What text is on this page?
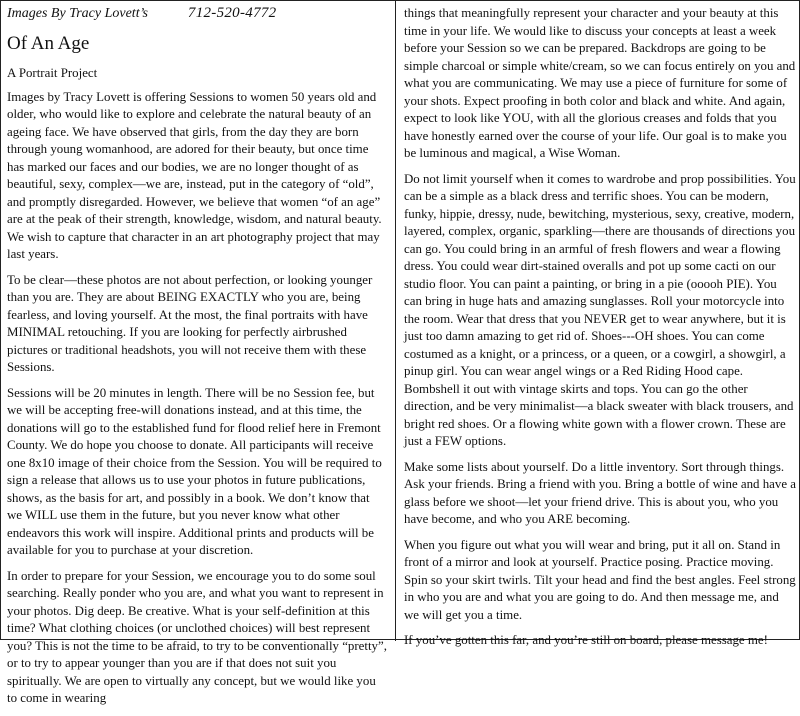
Images By Tracy Lovett’s	712-520-4772
Of An Age
A Portrait Project

Images by Tracy Lovett is offering Sessions to women 50 years old and older, who would like to explore and celebrate the natural beauty of an ageing face. We have observed that girls, from the day they are born through young womanhood, are adored for their beauty, but once time has marked our faces and our bodies, we are no longer thought of as beautiful, sexy, complex—we are, instead, put in the category of “old”, and promptly disregarded. However, we believe that women “of an age” are at the peak of their strength, knowledge, wisdom, and natural beauty. We wish to capture that character in an art photography project that may last years.

To be clear—these photos are not about perfection, or looking younger than you are. They are about BEING EXACTLY who you are, being fearless, and loving yourself. At the most, the final portraits with have MINIMAL retouching. If you are looking for perfectly airbrushed pictures or traditional headshots, you will not receive them with these Sessions.

Sessions will be 20 minutes in length. There will be no Session fee, but we will be accepting free-will donations instead, and at this time, the donations will go to the established fund for flood relief here in Fremont County. We do hope you choose to donate. All participants will receive one 8x10 image of their choice from the Session. You will be required to sign a release that allows us to use your photos in future publications, shows, as the basis for art, and possibly in a book. We don’t know that we WILL use them in the future, but you never know what other endeavors this work will inspire. Additional prints and products will be available for you to purchase at your discretion.

In order to prepare for your Session, we encourage you to do some soul searching. Really ponder who you are, and what you want to represent in your photos. Dig deep. Be creative. What is your self-definition at this time? What clothing choices (or unclothed choices) will best represent you? This is not the time to be afraid, to try to be conventionally “pretty”, or to try to appear younger than you are if that does not suit you spiritually. We are open to virtually any concept, but we would like you to come in wearing

things that meaningfully represent your character and your beauty at this time in your life. We would like to discuss your concepts at least a week before your Session so we can be prepared. Backdrops are going to be simple charcoal or simple white/cream, so we can focus entirely on you and what you are communicating. We may use a piece of furniture for some of your shots. Expect proofing in both color and black and white. And again, expect to look like YOU, with all the glorious creases and folds that you have honestly earned over the course of your life. Our goal is to make you be luminous and magical, a Wise Woman.

Do not limit yourself when it comes to wardrobe and prop possibilities. You can be a simple as a black dress and terrific shoes. You can be modern, funky, hippie, dressy, nude, bewitching, mysterious, sexy, creative, modern, layered, complex, organic, sparkling—there are thousands of directions you can go. You could bring in an armful of fresh flowers and wear a flowing dress. You could wear dirt-stained overalls and pot up some cacti on our studio floor. You can paint a painting, or bring in a pie (ooooh PIE). You can bring in huge hats and amazing sunglasses. Roll your motorcycle into the room. Wear that dress that you NEVER get to wear anywhere, but it is just too damn amazing to get rid of. Shoes---OH shoes. You can come costumed as a knight, or a princess, or a queen, or a cowgirl, a showgirl, a pinup girl. You can wear angel wings or a Red Riding Hood cape. Bombshell it out with vintage skirts and tops. You can go the other direction, and be very minimalist—a black sweater with black trousers, and bright red shoes. Or a flowing white gown with a flower crown. These are just a FEW options.

Make some lists about yourself. Do a little inventory. Sort through things. Ask your friends. Bring a friend with you. Bring a bottle of wine and have a glass before we shoot—let your friend drive. This is about you, who you have become, and who you ARE becoming.

When you figure out what you will wear and bring, put it all on. Stand in front of a mirror and look at yourself. Practice posing. Practice moving. Spin so your skirt twirls. Tilt your head and find the best angles. Feel strong in who you are and what you are going to do. And then message me, and we will get you a time.

If you’ve gotten this far, and you’re still on board, please message me!
